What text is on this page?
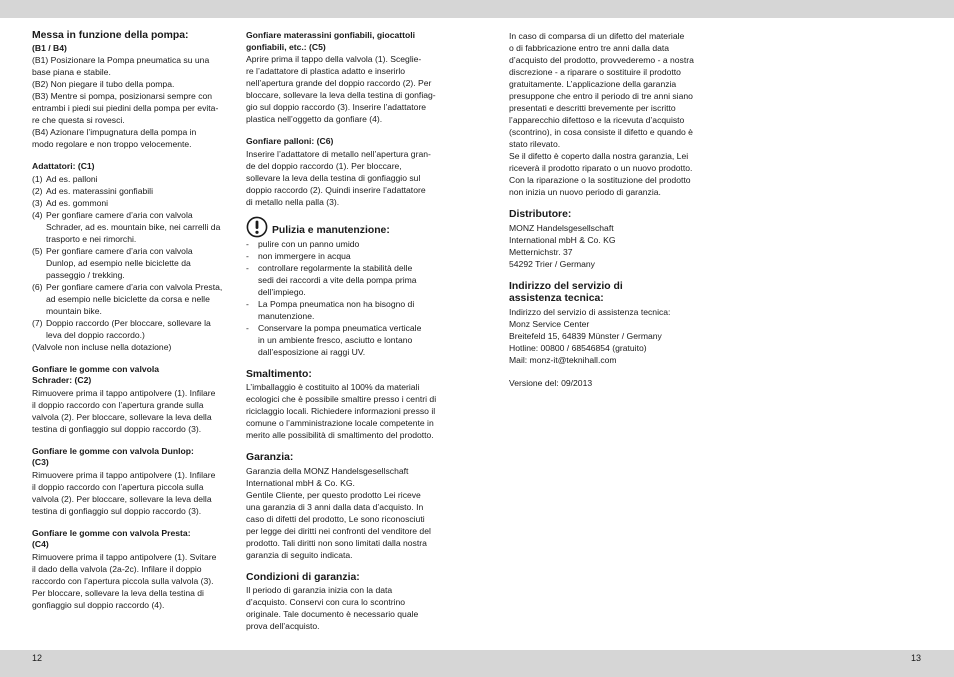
12	13

Messa in funzione della pompa:

(B1 / B4)

(B1) Posizionare la Pompa pneumatica su una

base piana e stabile.

(B2) Non piegare il tubo della pompa.

(B3) Mentre si pompa, posizionarsi sempre con

entrambi i piedi sui piedini della pompa per evita-

re che questa si rovesci.

(B4) Azionare l’impugnatura della pompa in

modo regolare e non troppo velocemente.

Adattatori: (C1)

(1) Ad es. palloni
(2) Ad es. materassini gonfiabili
(3) Ad es. gommoni
(4) Per gonfiare camere d’aria con valvola
Schrader, ad es. mountain bike, nei carrelli da
trasporto e nei rimorchi.
(5) Per gonfiare camere d’aria con valvola
Dunlop, ad esempio nelle biciclette da
passeggio / trekking.
(6) Per gonfiare camere d’aria con valvola Presta,
ad esempio nelle biciclette da corsa e nelle
mountain bike.
(7) Doppio raccordo (Per bloccare, sollevare la
leva del doppio raccordo.)

(Valvole non incluse nella dotazione)

Gonfiare le gomme con valvola

Schrader: (C2)

Rimuovere prima il tappo antipolvere (1). Infilare

il doppio raccordo con l’apertura grande sulla

valvola (2). Per bloccare, sollevare la leva della

testina di gonfiaggio sul doppio raccordo (3).

Gonfiare le gomme con valvola Dunlop:

(C3)

Rimuovere prima il tappo antipolvere (1). Infilare

il doppio raccordo con l’apertura piccola sulla

valvola (2). Per bloccare, sollevare la leva della

testina di gonfiaggio sul doppio raccordo (3).

Gonfiare le gomme con valvola Presta:

(C4)

Rimuovere prima il tappo antipolvere (1). Svitare

il dado della valvola (2a-2c). Infilare il doppio

raccordo con l’apertura piccola sulla valvola (3).

Per bloccare, sollevare la leva della testina di

gonfiaggio sul doppio raccordo (4).

Gonfiare materassini gonfiabili, giocattoli

gonfiabili, etc.: (C5)

Aprire prima il tappo della valvola (1). Sceglie-

re l’adattatore di plastica adatto e inserirlo

nell’apertura grande del doppio raccordo (2). Per

bloccare, sollevare la leva della testina di gonfiag-

gio sul doppio raccordo (3). Inserire l’adattatore

plastica nell’oggetto da gonfiare (4).

Gonfiare palloni: (C6)

Inserire l’adattatore di metallo nell’apertura gran-

de del doppio raccordo (1). Per bloccare,

sollevare la leva della testina di gonfiaggio sul

doppio raccordo (2). Quindi inserire l’adattatore

di metallo nella palla (3).

Pulizia e manutenzione:

-	pulire con un panno umido
-	non immergere in acqua
-	controllare regolarmente la stabilità delle
sedi dei raccordi a vite della pompa prima
dell’impiego.
-	La Pompa pneumatica non ha bisogno di
manutenzione.
-	Conservare la pompa pneumatica verticale
in un ambiente fresco, asciutto e lontano
dall’esposizione ai raggi UV.

Smaltimento:

L’imballaggio è costituito al 100% da materiali

ecologici che è possibile smaltire presso i centri di

riciclaggio locali. Richiedere informazioni presso il

comune o l’amministrazione locale competente in

merito alle possibilità di smaltimento del prodotto.

Garanzia:

Garanzia della MONZ Handelsgesellschaft

International mbH & Co. KG.

Gentile Cliente, per questo prodotto Lei riceve

una garanzia di 3 anni dalla data d’acquisto. In

caso di difetti del prodotto, Le sono riconosciuti

per legge dei diritti nei confronti del venditore del

prodotto. Tali diritti non sono limitati dalla nostra

garanzia di seguito indicata.

Condizioni di garanzia:

Il periodo di garanzia inizia con la data

d’acquisto. Conservi con cura lo scontrino

originale. Tale documento è necessario quale

prova dell’acquisto.

In caso di comparsa di un difetto del materiale

o di fabbricazione entro tre anni dalla data

d’acquisto del prodotto, provvederemo - a nostra

discrezione - a riparare o sostituire il prodotto

gratuitamente. L’applicazione della garanzia

presuppone che entro il periodo di tre anni siano

presentati e descritti brevemente per iscritto

l’apparecchio difettoso e la ricevuta d’acquisto

(scontrino), in cosa consiste il difetto e quando è

stato rilevato.

Se il difetto è coperto dalla nostra garanzia, Lei

riceverà il prodotto riparato o un nuovo prodotto.

Con la riparazione o la sostituzione del prodotto

non inizia un nuovo periodo di garanzia.

Distributore:

MONZ Handelsgesellschaft

International mbH & Co. KG

Metternichstr. 37

54292 Trier / Germany

Indirizzo del servizio di

assistenza tecnica:

Indirizzo del servizio di assistenza tecnica:

Monz Service Center

Breitefeld 15, 64839 Münster / Germany

Hotline: 00800 / 68546854 (gratuito)

Mail: monz-it@teknihall.com

Versione del: 09/2013
